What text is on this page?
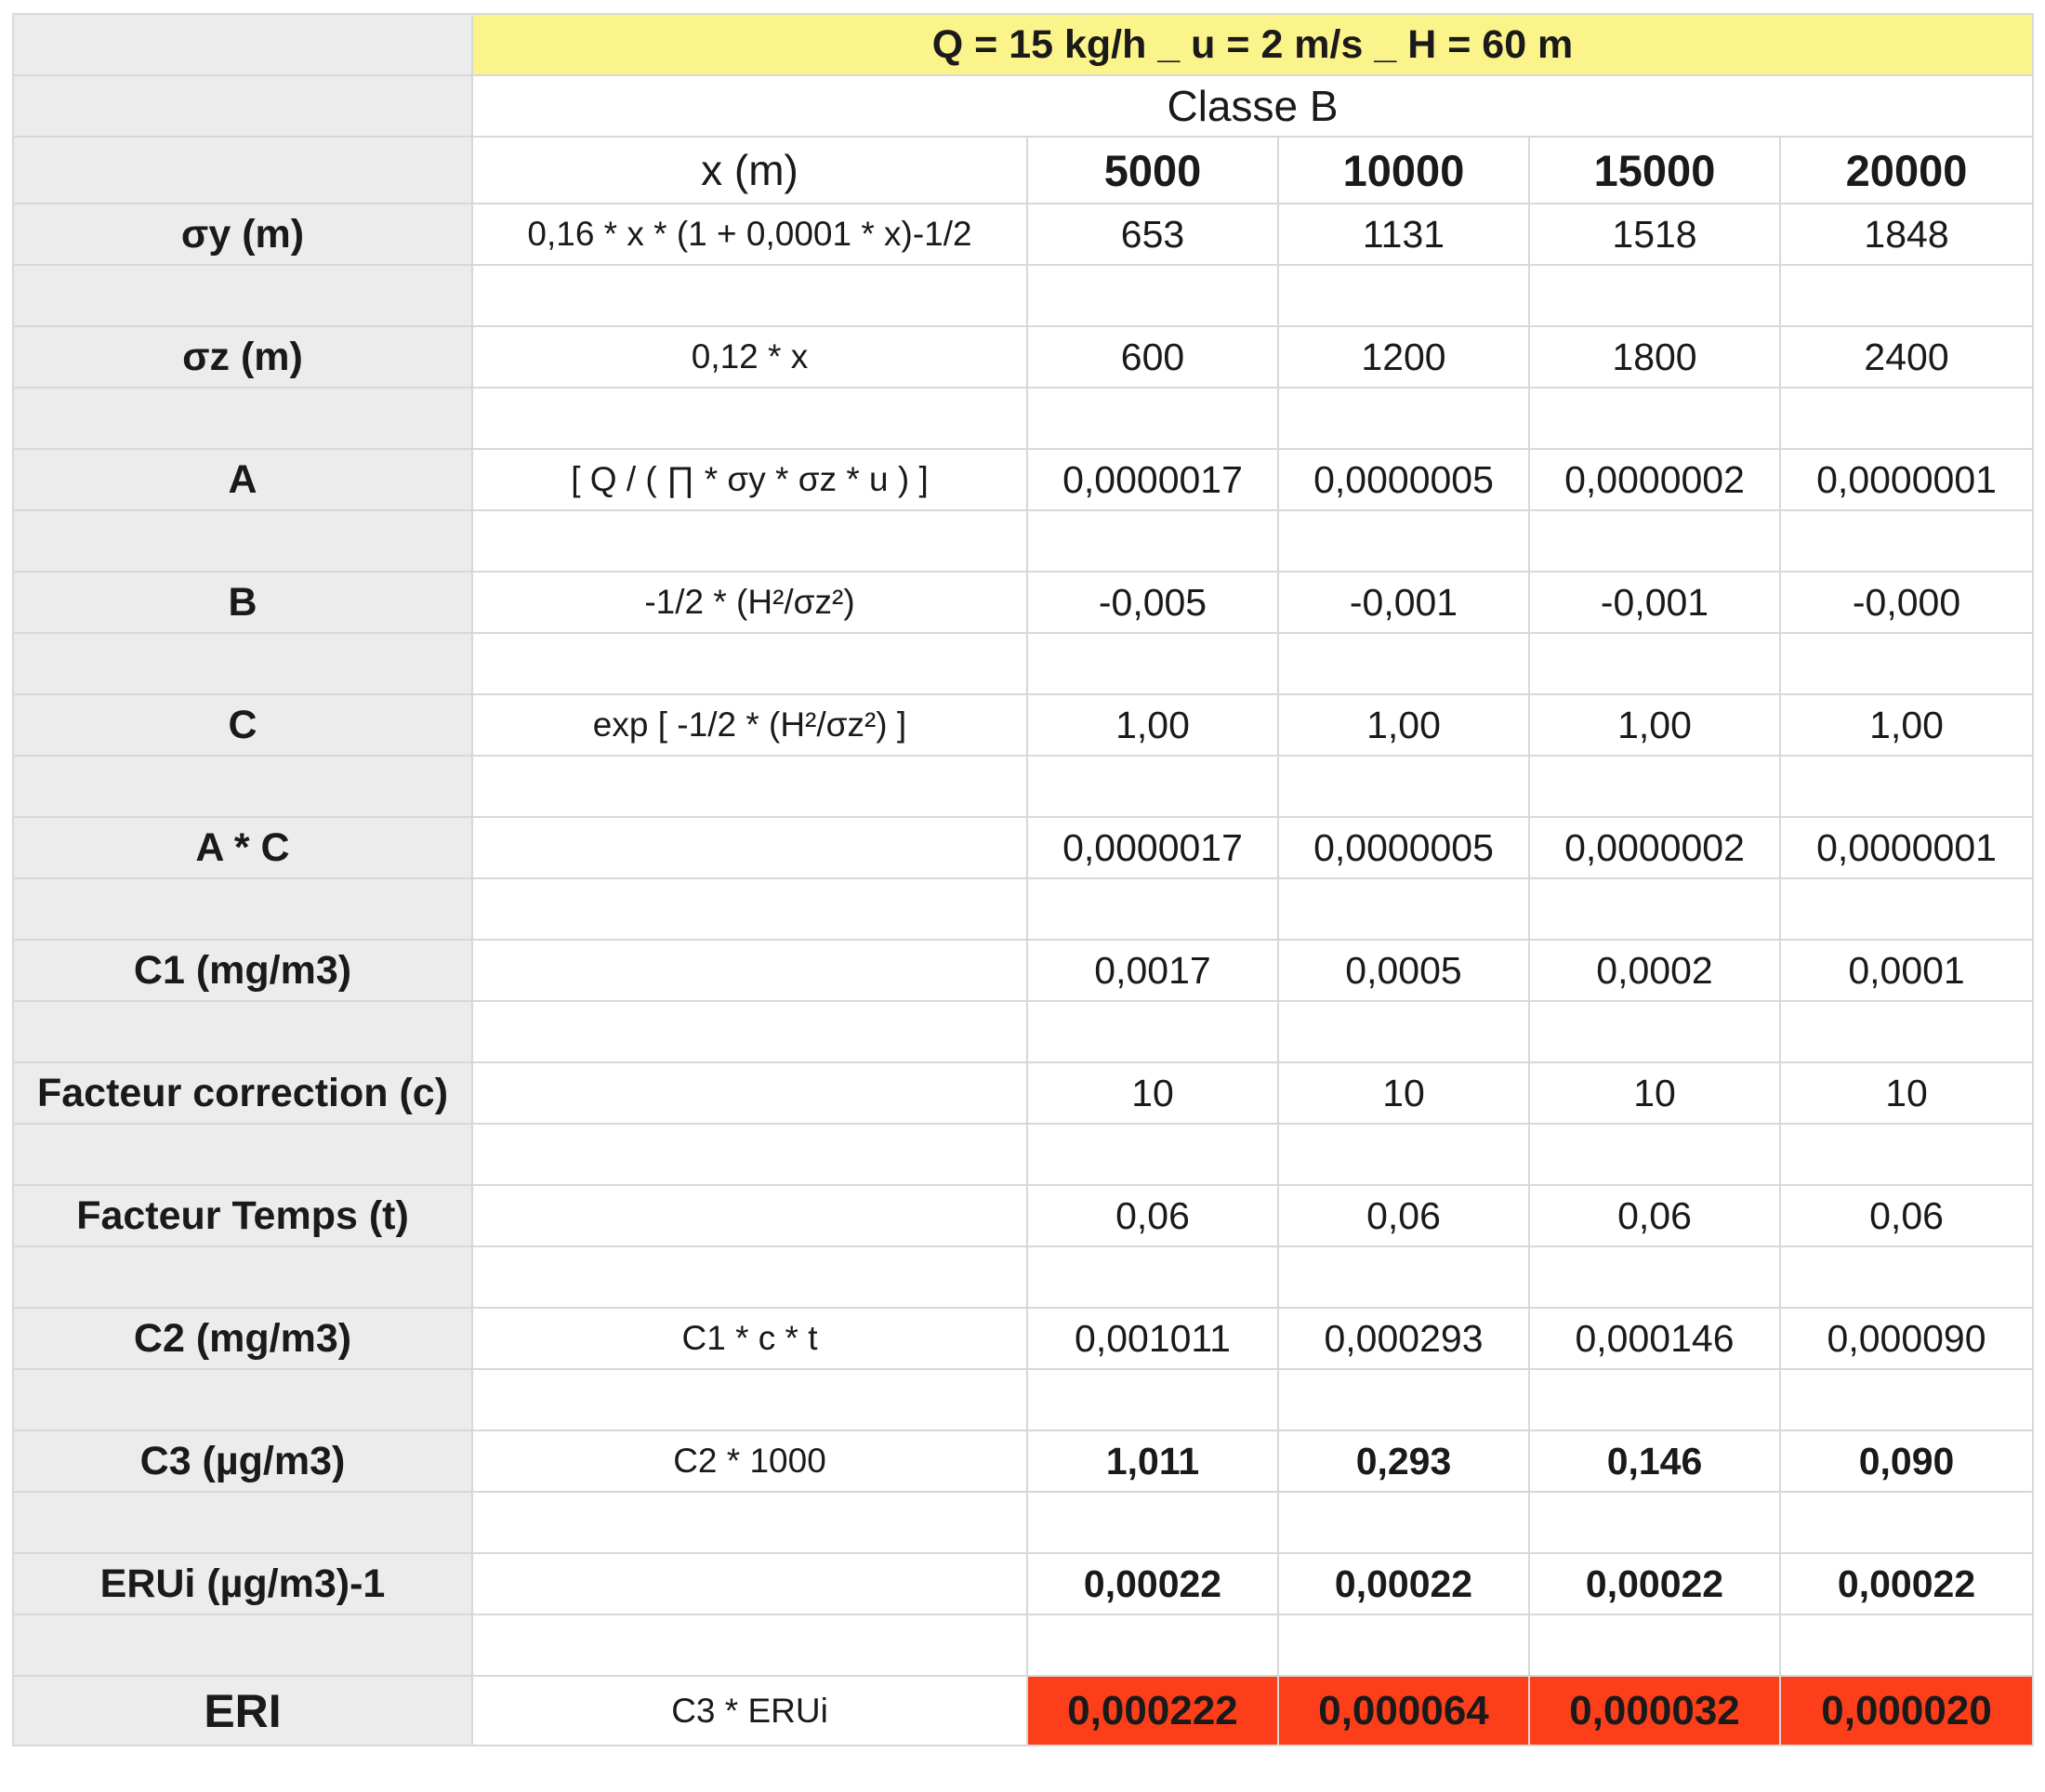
	Q = 15 kg/h _ u = 2 m/s _ H = 60 m				
	Classe B				
	x (m)	5000	10000	15000	20000
σy (m)	0,16 * x * (1 + 0,0001 * x)-1/2	653	1131	1518	1848

σz (m)	0,12 * x	600	1200	1800	2400

A	[ Q / ( ∏ * σy * σz * u ) ]	0,0000017	0,0000005	0,0000002	0,0000001

B	-1/2 * (H²/σz²)	-0,005	-0,001	-0,001	-0,000

C	exp [ -1/2 * (H²/σz²) ]	1,00	1,00	1,00	1,00

A * C		0,0000017	0,0000005	0,0000002	0,0000001

C1 (mg/m3)		0,0017	0,0005	0,0002	0,0001

Facteur correction (c)		10	10	10	10

Facteur Temps (t)		0,06	0,06	0,06	0,06

C2 (mg/m3)	C1 * c * t	0,001011	0,000293	0,000146	0,000090

C3 (µg/m3)	C2 * 1000	1,011	0,293	0,146	0,090

ERUi (µg/m3)-1		0,00022	0,00022	0,00022	0,00022

ERI	C3 * ERUi	0,000222	0,000064	0,000032	0,000020
